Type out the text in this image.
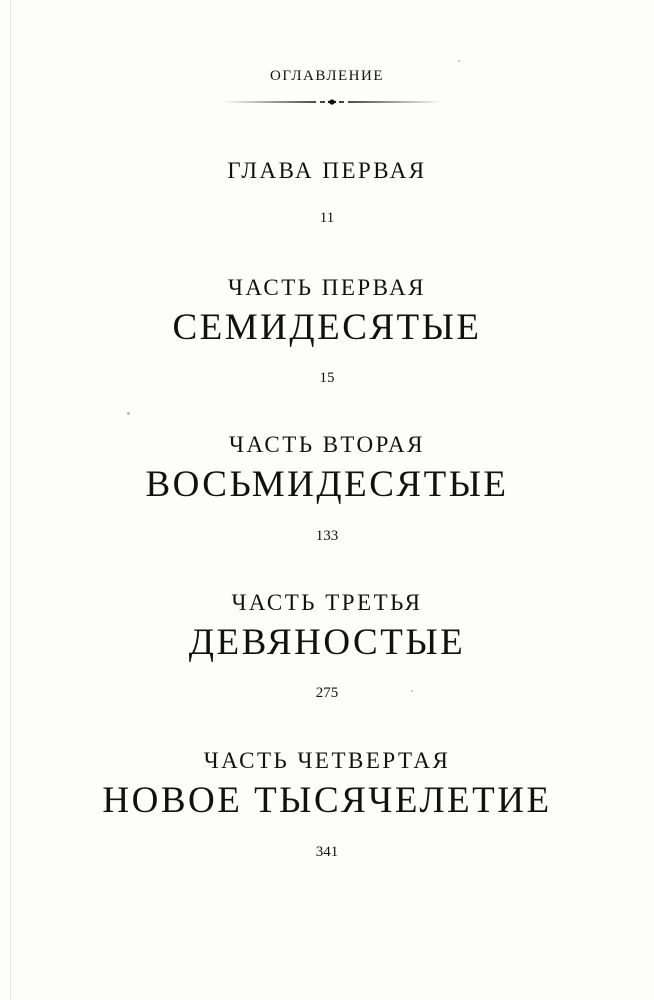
ОГЛАВЛЕНИЕ
ГЛАВА ПЕРВАЯ
11
ЧАСТЬ ПЕРВАЯ
СЕМИДЕСЯТЫЕ
15
ЧАСТЬ ВТОРАЯ
ВОСЬМИДЕСЯТЫЕ
133
ЧАСТЬ ТРЕТЬЯ
ДЕВЯНОСТЫЕ
275
ЧАСТЬ ЧЕТВЕРТАЯ
НОВОЕ ТЫСЯЧЕЛЕТИЕ
341
